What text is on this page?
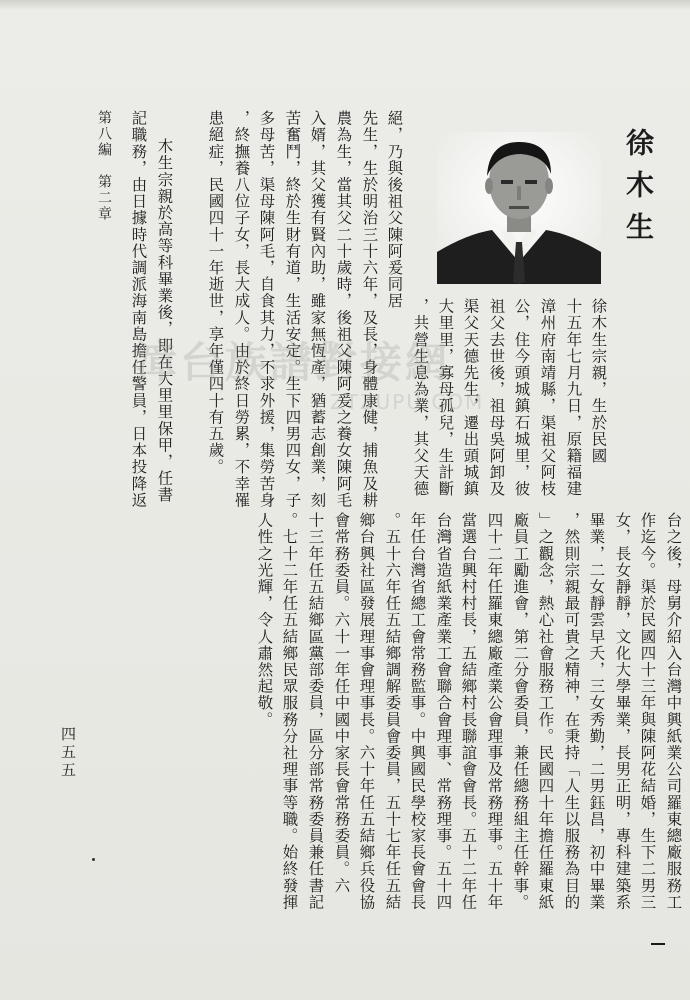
徐木生
徐木生宗親，生於民國
十五年七月九日，原籍福建
漳州府南靖縣，渠祖父阿枝
公，住今頭城鎮石城里，彼
祖父去世後，祖母吳阿卸及
渠父天德先生，遷出頭城鎮
大里里，寡母孤兒，生計斷
，共營生息為業，其父天德
絕，乃與後祖父陳阿爰同居
先生，生於明治三十六年，及長，身體康健，捕魚及耕
農為生，當其父二十歲時，後祖父陳阿爰之養女陳阿毛
入婿，其父獲有賢內助，雖家無恆產，猶蓄志創業，刻
苦奮鬥，終於生財有道，生活安定。生下四男四女，子
多母苦，渠母陳阿毛，自食其力，不求外援，集勞苦身
，終撫養八位子女，長大成人。由於終日勞累，不幸罹
患絕症，民國四十一年逝世，享年僅四十有五歲。
木生宗親於高等科畢業後，即在大里里保甲，任書
記職務，由日據時代調派海南島擔任警員，日本投降返
第八編　第二章
台之後，母舅介紹入台灣中興紙業公司羅東總廠服務工
作迄今。渠於民國四十三年與陳阿花結婚，生下二男三
女，長女靜靜，文化大學畢業，長男正明，專科建築系
畢業，二女靜雲早夭，三女秀勤，二男鈺昌，初中畢業
，然則宗親最可貴之精神，在秉持「人生以服務為目的
」之觀念，熱心社會服務工作。民國四十年擔任羅東紙
廠員工勵進會，第二分會委員，兼任總務組主任幹事。
四十二年任羅東總廠產業公會理事及常務理事。五十年
當選台興村村長，五結鄉村長聯誼會會長。五十二年任
台灣省造紙業產業工會聯合會理事、常務理事。五十四
年任台灣省總工會常務監事。中興國民學校家長會會長
。五十六年任五結鄉調解委員會委員，五十七年任五結
鄉台興社區發展理事會理事長。六十年任五結鄉兵役協
會常務委員。六十一年任中國中家長會常務委員。六
十三年任五結鄉區黨部委員，區分部常務委員兼任書記
。七十二年任五結鄉民眾服務分社理事等職。始終發揮
人性之光輝，令人肅然起敬。
四五五
漳台族譜對接網
ZTZUPU.COM
